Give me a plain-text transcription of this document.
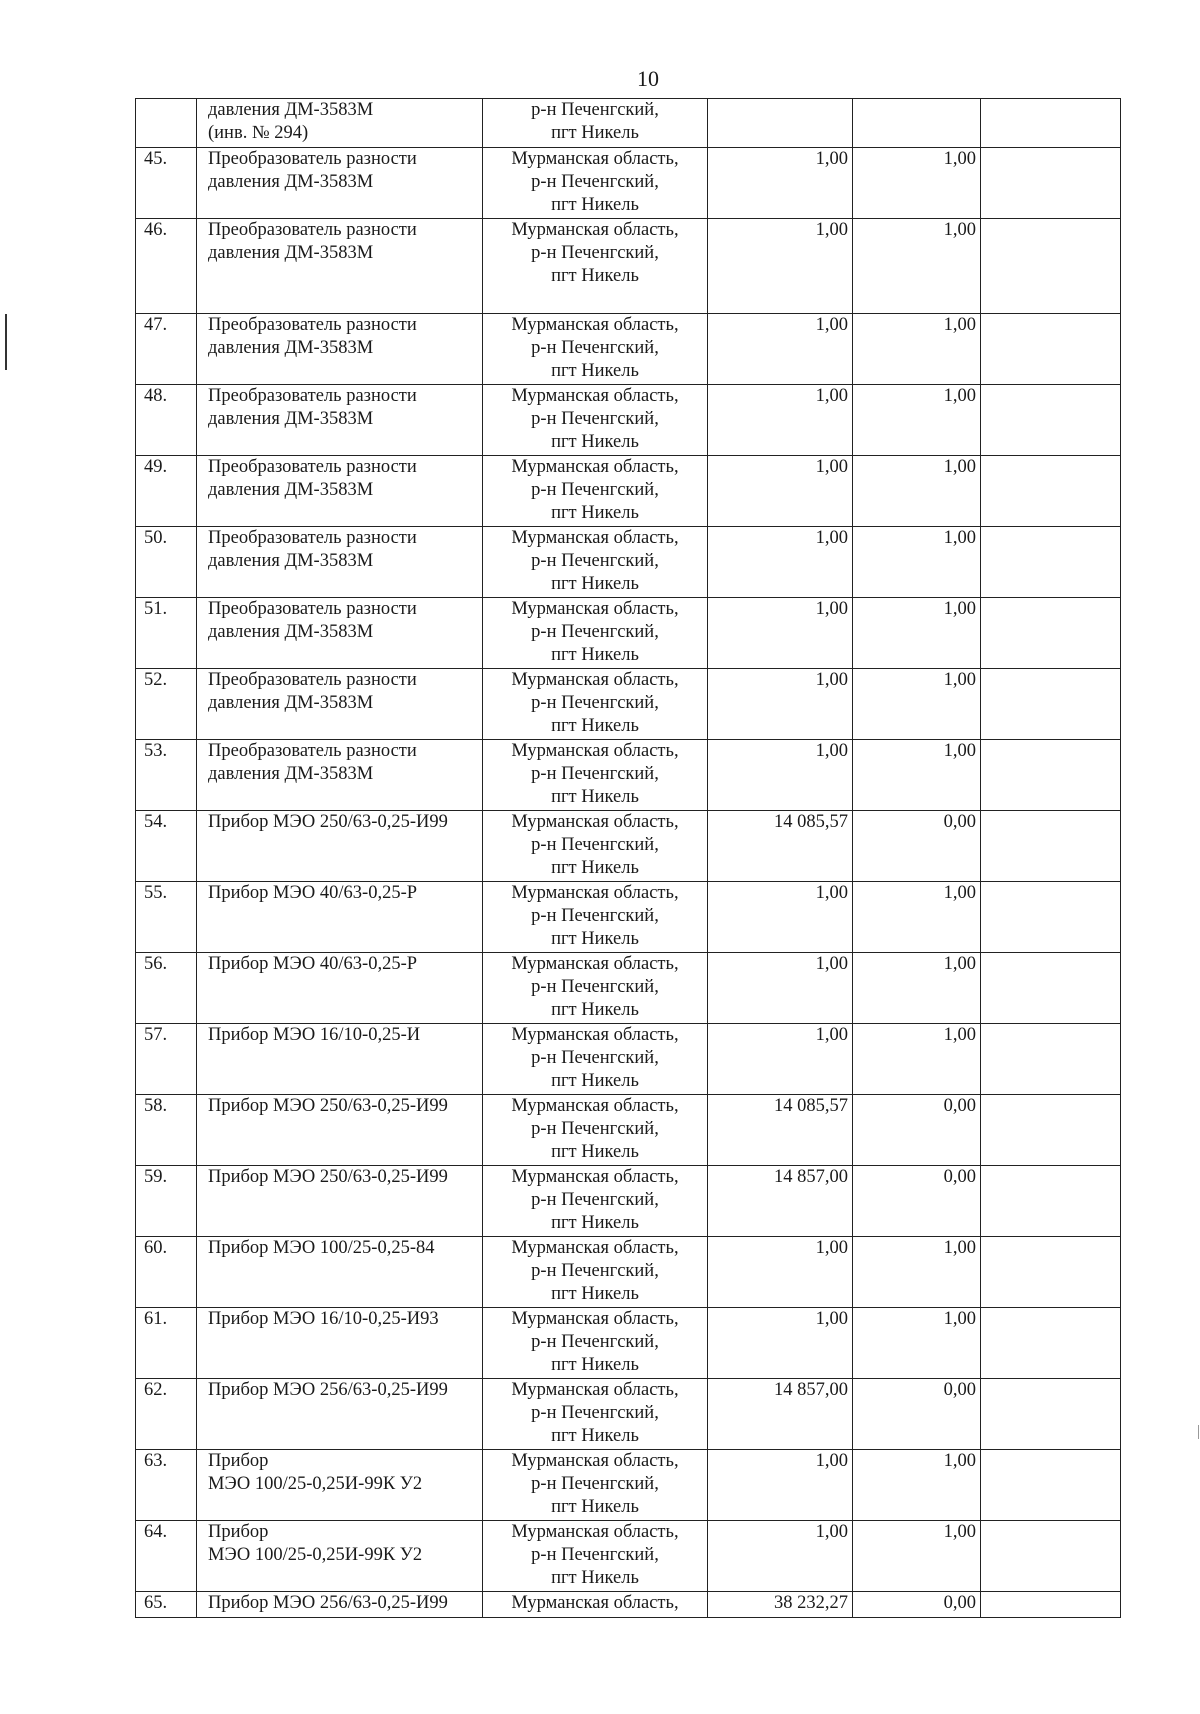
10

	давления ДМ-3583М
(инв. № 294)	р-н Печенгский,
пгт Никель			

45.	Преобразователь разности
давления ДМ-3583М	Мурманская область,
р-н Печенгский,
пгт Никель	1,00	1,00	
46.	Преобразователь разности
давления ДМ-3583М	Мурманская область,
р-н Печенгский,
пгт Никель	1,00	1,00	
47.	Преобразователь разности
давления ДМ-3583М	Мурманская область,
р-н Печенгский,
пгт Никель	1,00	1,00	
48.	Преобразователь разности
давления ДМ-3583М	Мурманская область,
р-н Печенгский,
пгт Никель	1,00	1,00	
49.	Преобразователь разности
давления ДМ-3583М	Мурманская область,
р-н Печенгский,
пгт Никель	1,00	1,00	
50.	Преобразователь разности
давления ДМ-3583М	Мурманская область,
р-н Печенгский,
пгт Никель	1,00	1,00	
51.	Преобразователь разности
давления ДМ-3583М	Мурманская область,
р-н Печенгский,
пгт Никель	1,00	1,00	
52.	Преобразователь разности
давления ДМ-3583М	Мурманская область,
р-н Печенгский,
пгт Никель	1,00	1,00	
53.	Преобразователь разности
давления ДМ-3583М	Мурманская область,
р-н Печенгский,
пгт Никель	1,00	1,00	
54.	Прибор МЭО 250/63-0,25-И99	Мурманская область,
р-н Печенгский,
пгт Никель	14 085,57	0,00	
55.	Прибор МЭО 40/63-0,25-Р	Мурманская область,
р-н Печенгский,
пгт Никель	1,00	1,00	
56.	Прибор МЭО 40/63-0,25-Р	Мурманская область,
р-н Печенгский,
пгт Никель	1,00	1,00	
57.	Прибор МЭО 16/10-0,25-И	Мурманская область,
р-н Печенгский,
пгт Никель	1,00	1,00	
58.	Прибор МЭО 250/63-0,25-И99	Мурманская область,
р-н Печенгский,
пгт Никель	14 085,57	0,00	
59.	Прибор МЭО 250/63-0,25-И99	Мурманская область,
р-н Печенгский,
пгт Никель	14 857,00	0,00	
60.	Прибор МЭО 100/25-0,25-84	Мурманская область,
р-н Печенгский,
пгт Никель	1,00	1,00	
61.	Прибор МЭО 16/10-0,25-И93	Мурманская область,
р-н Печенгский,
пгт Никель	1,00	1,00	
62.	Прибор МЭО 256/63-0,25-И99	Мурманская область,
р-н Печенгский,
пгт Никель	14 857,00	0,00	
63.	Прибор
МЭО 100/25-0,25И-99К У2	Мурманская область,
р-н Печенгский,
пгт Никель	1,00	1,00	
64.	Прибор
МЭО 100/25-0,25И-99К У2	Мурманская область,
р-н Печенгский,
пгт Никель	1,00	1,00	
65.	Прибор МЭО 256/63-0,25-И99	Мурманская область,	38 232,27	0,00	
